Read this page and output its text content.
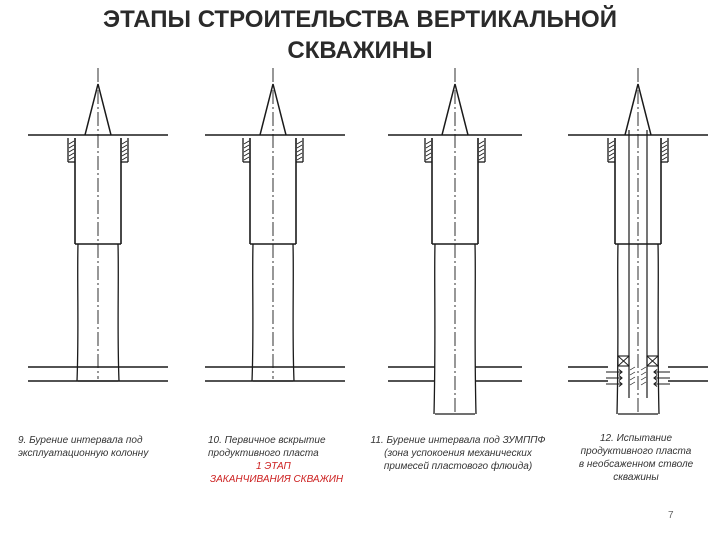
ЭТАПЫ СТРОИТЕЛЬСТВА ВЕРТИКАЛЬНОЙ
СКВАЖИНЫ
9. Бурение интервала под
эксплуатационную колонну
10. Первичное вскрытие
продуктивного пласта
1 ЭТАП
ЗАКАНЧИВАНИЯ СКВАЖИН
11. Бурение интервала под ЗУМППФ
(зона успокоения механических
примесей пластового флюида)
12. Испытание
продуктивного пласта
в необсаженном стволе
скважины
7
